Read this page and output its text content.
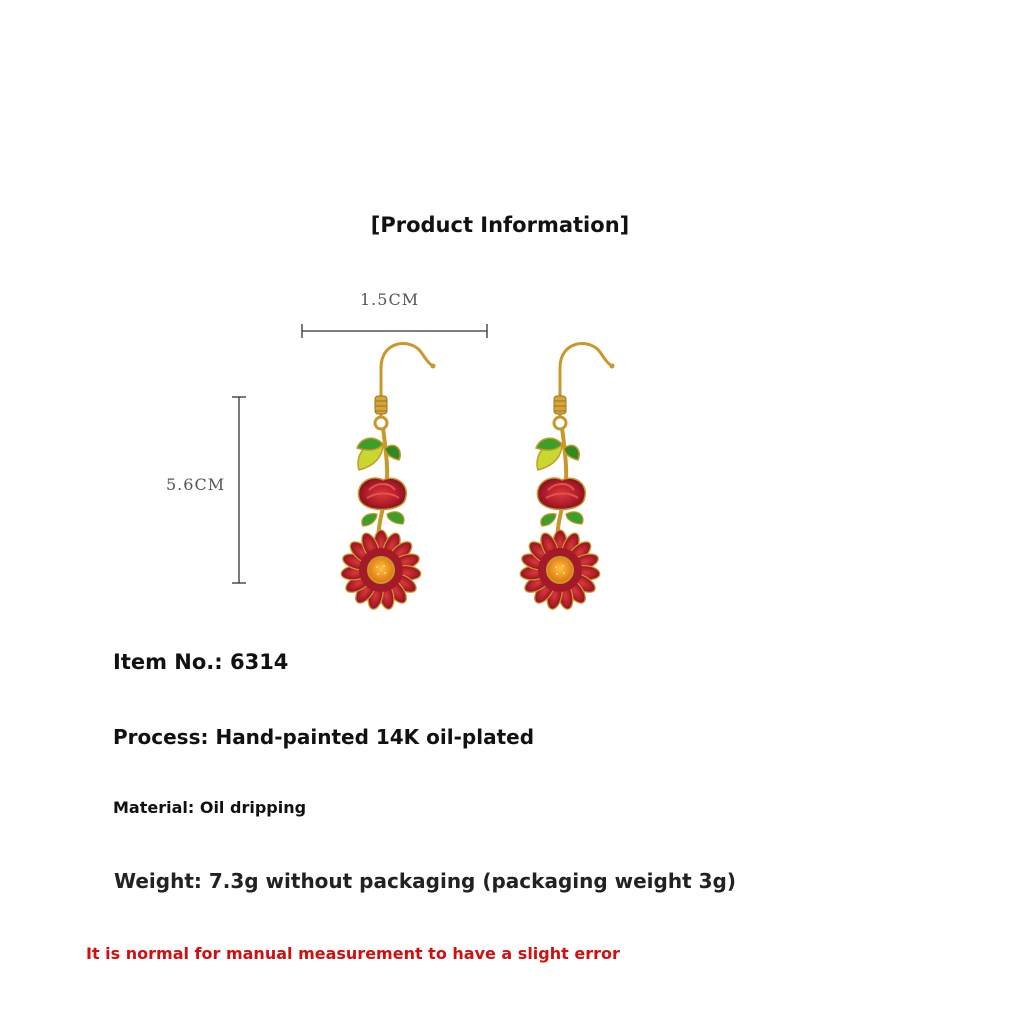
[Product Information]
1.5CM
5.6CM
Item No.: 6314
Process: Hand-painted 14K oil-plated
Material: Oil dripping
Weight: 7.3g without packaging (packaging weight 3g)
It is normal for manual measurement to have a slight error
